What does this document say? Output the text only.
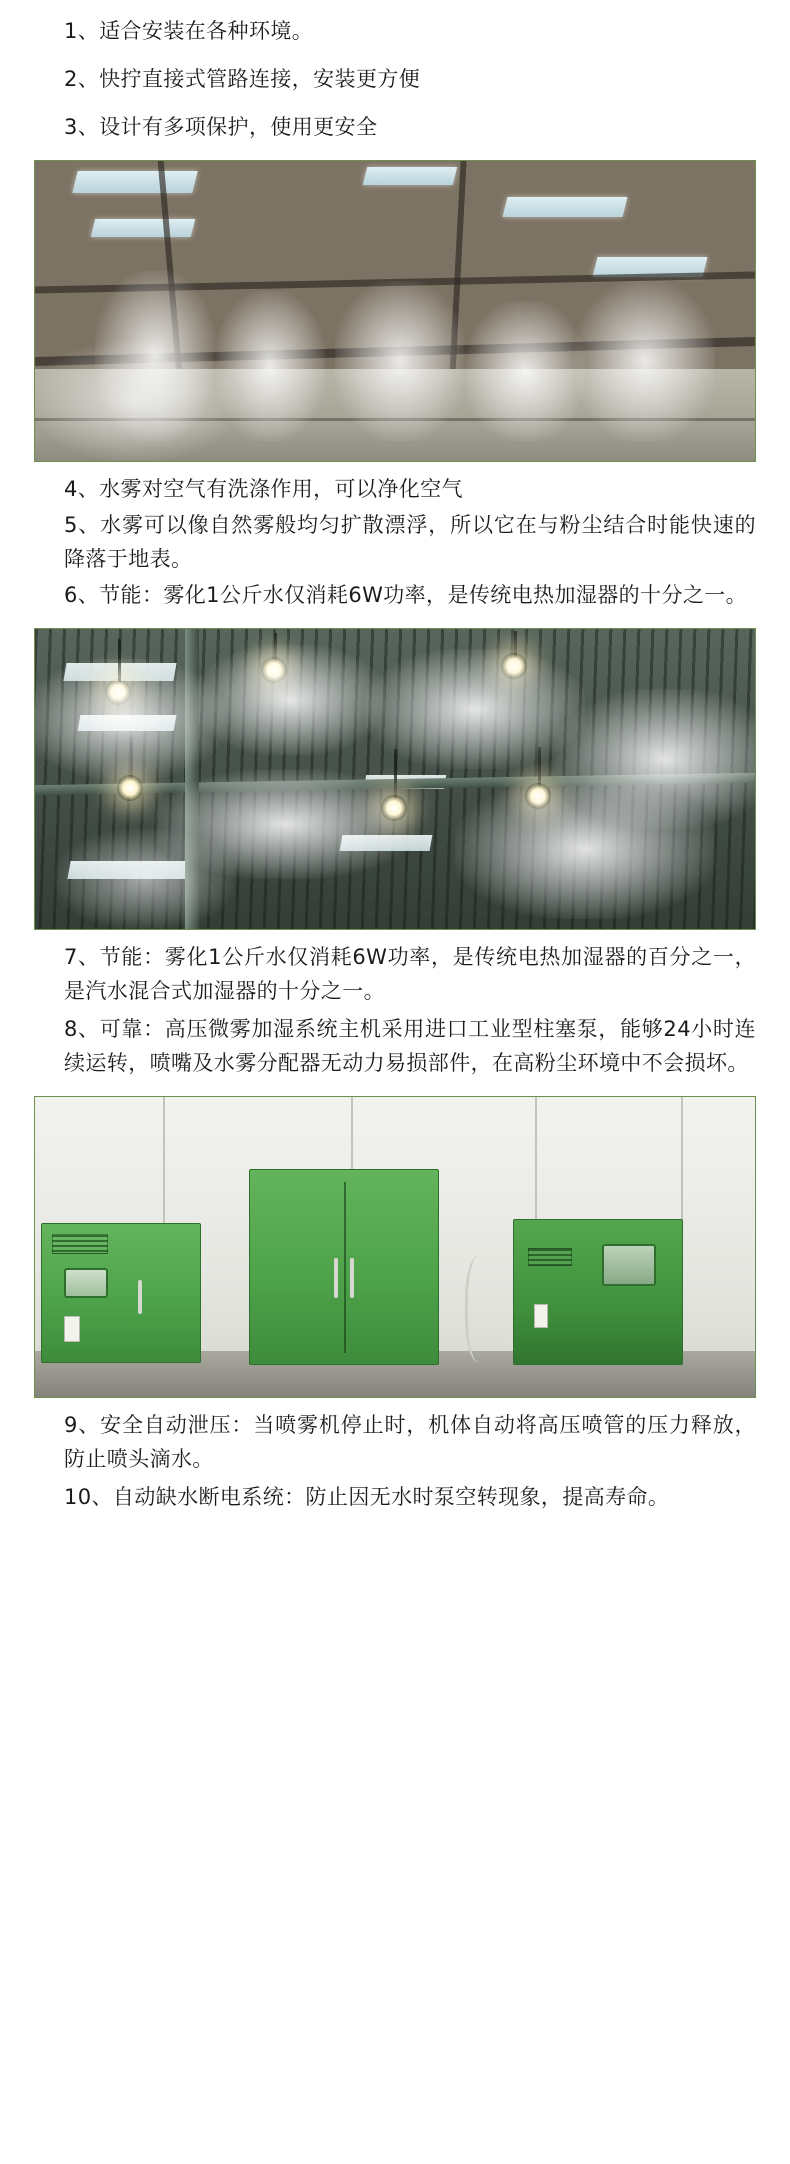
1、适合安装在各种环境。

2、快拧直接式管路连接，安装更方便

3、设计有多项保护，使用更安全

4、水雾对空气有洗涤作用，可以净化空气

5、水雾可以像自然雾般均匀扩散漂浮，所以它在与粉尘结合时能快速的降落于地表。

6、节能：雾化1公斤水仅消耗6W功率，是传统电热加湿器的十分之一。

7、节能：雾化1公斤水仅消耗6W功率，是传统电热加湿器的百分之一，是汽水混合式加湿器的十分之一。

8、可靠：高压微雾加湿系统主机采用进口工业型柱塞泵，能够24小时连续运转，喷嘴及水雾分配器无动力易损部件，在高粉尘环境中不会损坏。

9、安全自动泄压：当喷雾机停止时，机体自动将高压喷管的压力释放，防止喷头滴水。

10、自动缺水断电系统：防止因无水时泵空转现象，提高寿命。
